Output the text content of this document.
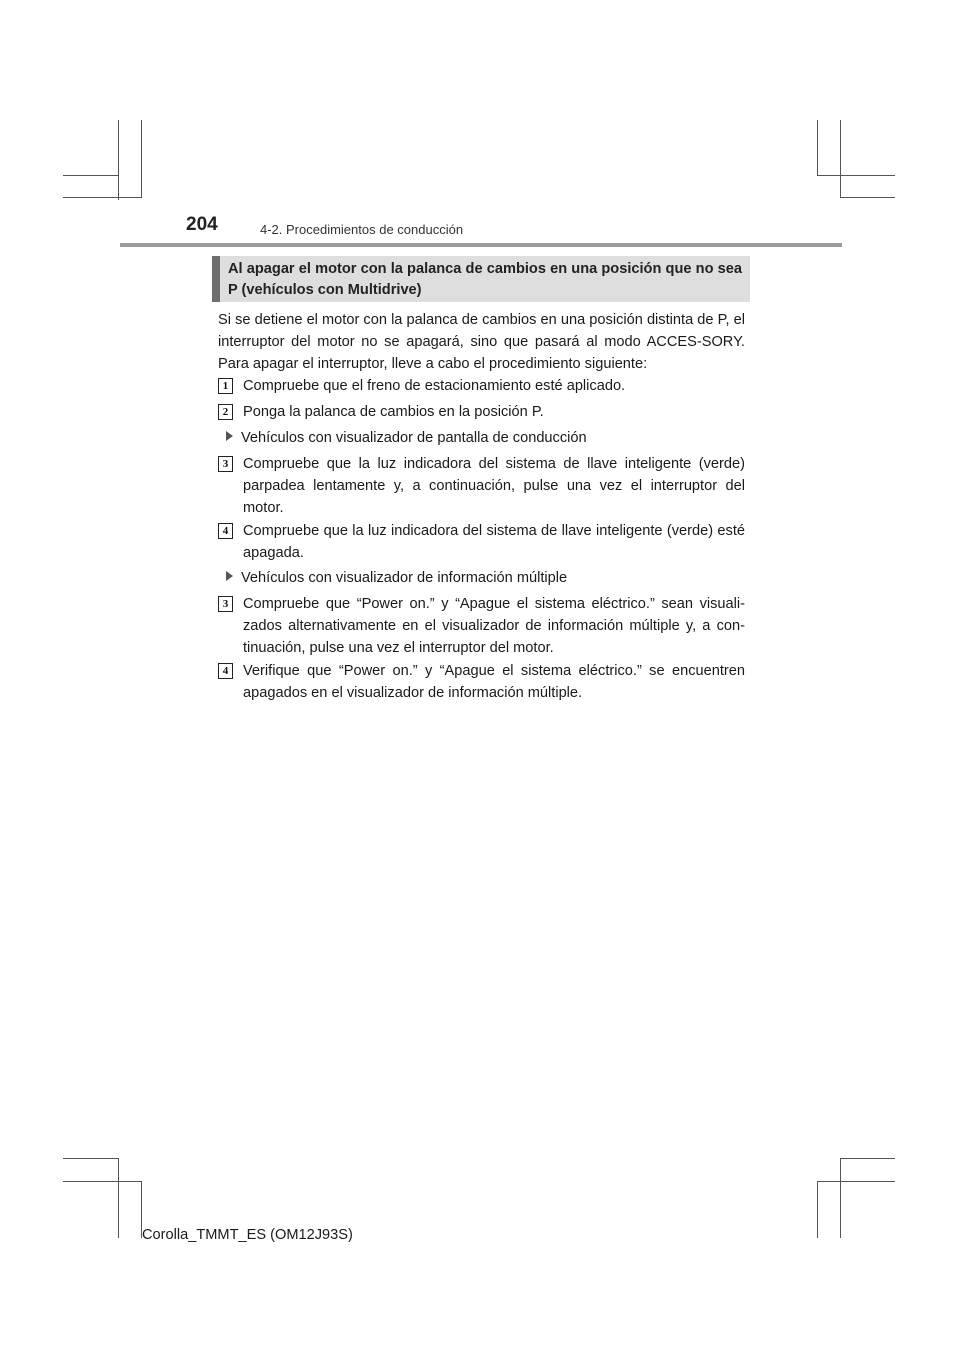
204	4-2. Procedimientos de conducción
Al apagar el motor con la palanca de cambios en una posición que no sea P (vehículos con Multidrive)
Si se detiene el motor con la palanca de cambios en una posición distinta de P, el interruptor del motor no se apagará, sino que pasará al modo ACCES-SORY. Para apagar el interruptor, lleve a cabo el procedimiento siguiente:
1	Compruebe que el freno de estacionamiento esté aplicado.
2	Ponga la palanca de cambios en la posición P.
Vehículos con visualizador de pantalla de conducción
3	Compruebe que la luz indicadora del sistema de llave inteligente (verde) parpadea lentamente y, a continuación, pulse una vez el interruptor del motor.
4	Compruebe que la luz indicadora del sistema de llave inteligente (verde) esté apagada.
Vehículos con visualizador de información múltiple
3	Compruebe que “Power on.” y “Apague el sistema eléctrico.” sean visuali-zados alternativamente en el visualizador de información múltiple y, a con-tinuación, pulse una vez el interruptor del motor.
4	Verifique que “Power on.” y “Apague el sistema eléctrico.” se encuentren apagados en el visualizador de información múltiple.
Corolla_TMMT_ES (OM12J93S)
